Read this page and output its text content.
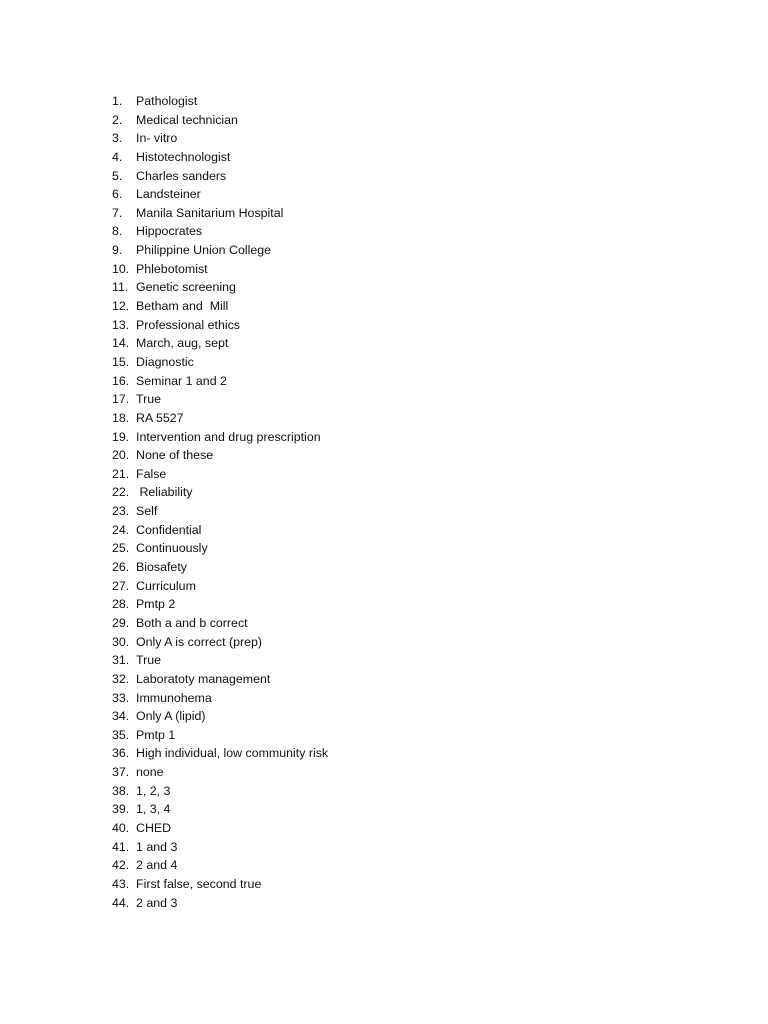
1.	Pathologist
2.	Medical technician
3.	In- vitro
4.	Histotechnologist
5.	Charles sanders
6.	Landsteiner
7.	Manila Sanitarium Hospital
8.	Hippocrates
9.	Philippine Union College
10. Phlebotomist
11. Genetic screening
12. Betham and  Mill
13. Professional ethics
14. March, aug, sept
15. Diagnostic
16. Seminar 1 and 2
17. True
18. RA 5527
19. Intervention and drug prescription
20. None of these
21. False
22. Reliability
23. Self
24. Confidential
25. Continuously
26. Biosafety
27. Curriculum
28. Pmtp 2
29. Both a and b correct
30. Only A is correct (prep)
31. True
32. Laboratoty management
33. Immunohema
34. Only A (lipid)
35. Pmtp 1
36. High individual, low community risk
37. none
38. 1, 2, 3
39. 1, 3, 4
40. CHED
41. 1 and 3
42. 2 and 4
43. First false, second true
44. 2 and 3
